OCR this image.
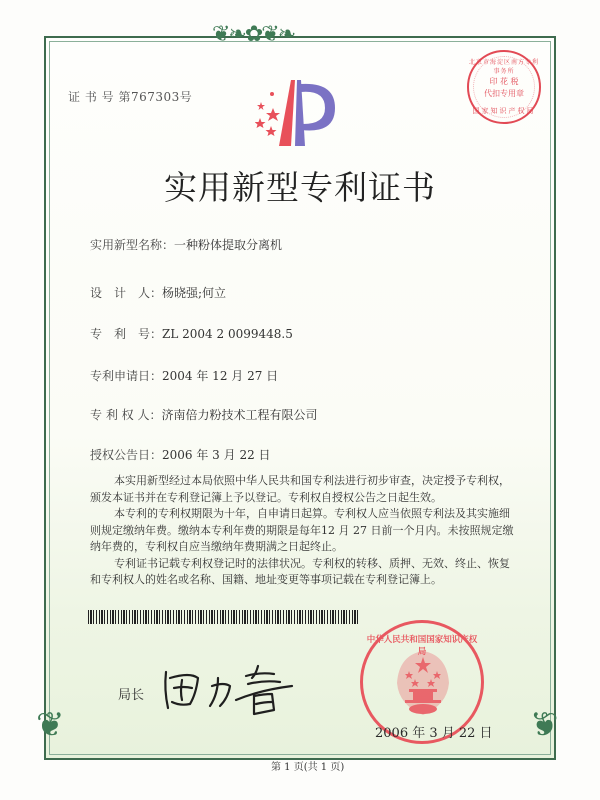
❦❧✿❦❧
❦	❦
证 书 号 第767303号
北京市海淀区南方专利事务所
印 花 税
代扣专用章
国家知识产权局
实用新型专利证书
实用新型名称：一种粉体提取分离机
设　计　人：杨晓强;何立
专　利　号：ZL 2004 2 0099448.5
专利申请日：2004 年 12 月 27 日
专 利 权 人：济南倍力粉技术工程有限公司
授权公告日：2006 年 3 月 22 日

本实用新型经过本局依照中华人民共和国专利法进行初步审查，决定授予专利权，颁发本证书并在专利登记簿上予以登记。专利权自授权公告之日起生效。

本专利的专利权期限为十年，自申请日起算。专利权人应当依照专利法及其实施细则规定缴纳年费。缴纳本专利年费的期限是每年12 月 27 日前一个月内。未按照规定缴纳年费的，专利权自应当缴纳年费期满之日起终止。

专利证书记载专利权登记时的法律状况。专利权的转移、质押、无效、终止、恢复和专利权人的姓名或名称、国籍、地址变更等事项记载在专利登记簿上。

局长
中华人民共和国国家知识产权局
2006 年 3 月 22 日
第 1 页(共 1 页)
